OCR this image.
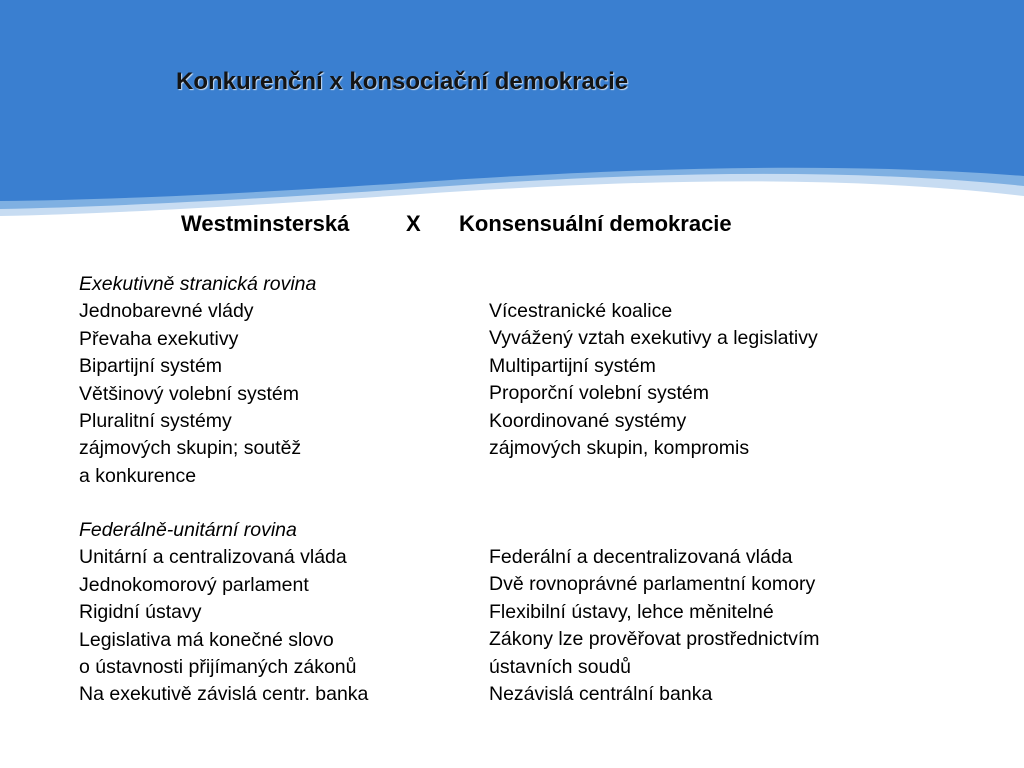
Konkurenční x konsociační demokracie
Westminsterská	X Konsensuální demokracie
Exekutivně stranická rovina
Jednobarevné vlády
Převaha exekutivy
Bipartijní systém
Většinový volební systém
Pluralitní systémy
zájmových skupin; soutěž
a konkurence
Vícestranické koalice
Vyvážený vztah exekutivy a legislativy
Multipartijní systém
Proporční volební systém
Koordinované systémy
zájmových skupin, kompromis
Federálně-unitární rovina
Unitární a centralizovaná vláda
Jednokomorový parlament
Rigidní ústavy
Legislativa má konečné slovo
o ústavnosti přijímaných zákonů
Na exekutivě závislá centr. banka
Federální a decentralizovaná vláda
Dvě rovnoprávné parlamentní komory
Flexibilní ústavy, lehce měnitelné
Zákony lze prověřovat prostřednictvím
ústavních soudů
Nezávislá centrální banka
